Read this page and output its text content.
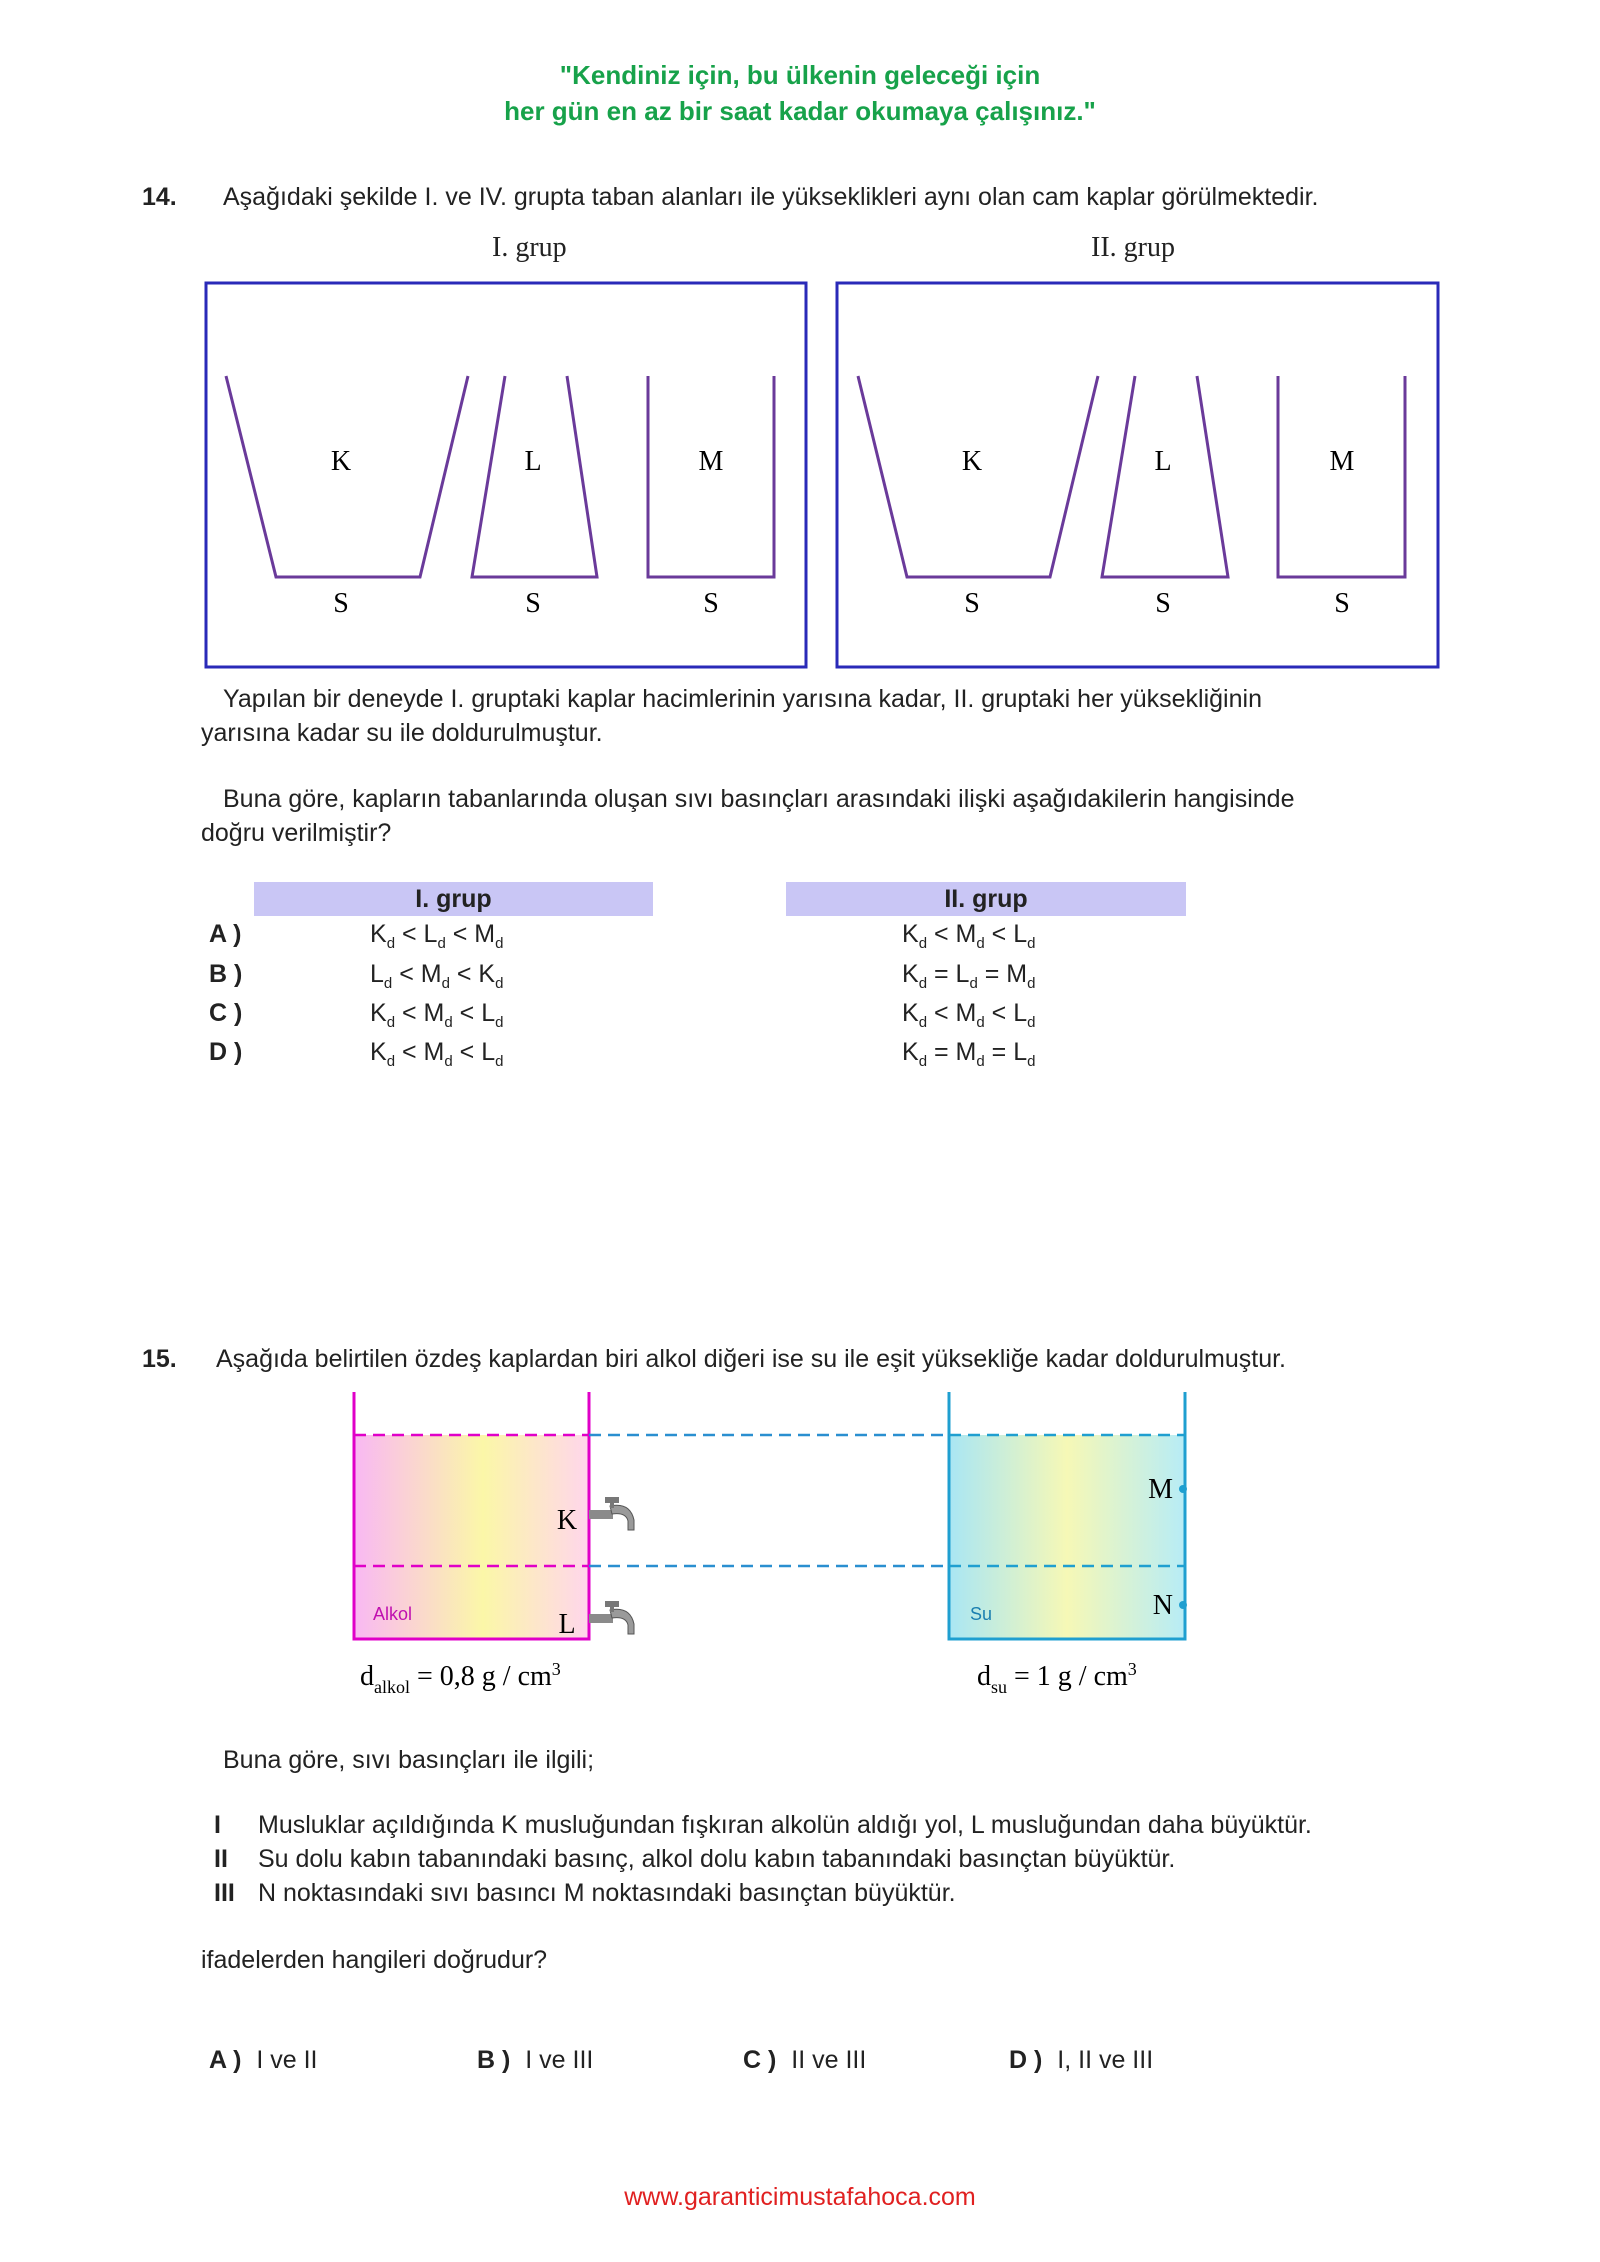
"Kendiniz için, bu ülkenin geleceği için
her gün en az bir saat kadar okumaya çalışınız."
14. Aşağıdaki şekilde I. ve IV. grupta taban alanları ile yükseklikleri aynı olan cam kaplar görülmektedir.
I. grup	II. grup
K	L	M
S	S	S
K	L	M
S	S	S
Yapılan bir deneyde I. gruptaki kaplar hacimlerinin yarısına kadar, II. gruptaki her yüksekliğinin
yarısına kadar su ile doldurulmuştur.
Buna göre, kapların tabanlarında oluşan sıvı basınçları arasındaki ilişki aşağıdakilerin hangisinde
doğru verilmiştir?
I. grup	II. grup
A )	$K_d < L_d < M_d$	$K_d < M_d < L_d$
B )	$L_d < M_d < K_d$	$K_d = L_d = M_d$
C )	$K_d < M_d < L_d$	$K_d < M_d < L_d$
D )	$K_d < M_d < L_d$	$K_d = M_d = L_d$
15. Aşağıda belirtilen özdeş kaplardan biri alkol diğeri ise su ile eşit yüksekliğe kadar doldurulmuştur.
K
L
M
N
Alkol	Su
$d_{alkol} = 0,8$ g / $cm^3$	$d_{su} = 1$ g / $cm^3$
Buna göre, sıvı basınçları ile ilgili;
I Musluklar açıldığında K musluğundan fışkıran alkolün aldığı yol, L musluğundan daha büyüktür.
II Su dolu kabın tabanındaki basınç, alkol dolu kabın tabanındaki basınçtan büyüktür.
III N noktasındaki sıvı basıncı M noktasındaki basınçtan büyüktür.
ifadelerden hangileri doğrudur?
A ) I ve II	B ) I ve III	C ) II ve III	D ) I, II ve III
www.garanticimustafahoca.com
